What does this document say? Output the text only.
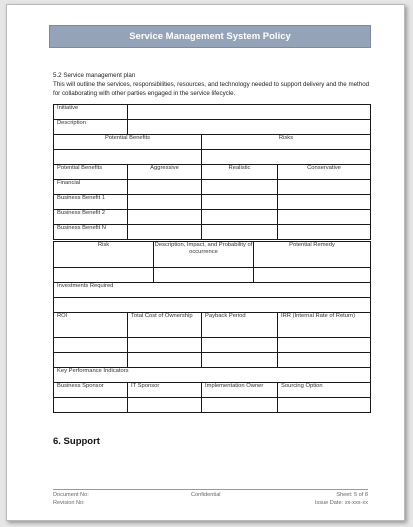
Service Management System Policy

5.2 Service management plan

This will outline the services, responsibilities, resources, and technology needed to support delivery and the method for collaborating with other parties engaged in the service lifecycle.

Initiative			
Description			
Potential Benefits		Risks	

Potential Benefits	Aggressive	Realistic	Conservative
Financial			
Business Benefit 1			
Business Benefit 2			
Business Benefit N			
Risk	Description, Impact, and Probability of occurrence	Potential Remedy

Investments Required			

ROI	Total Cost of Ownership	Payback Period	IRR (Internal Rate of Return)

Key Performance Indicators			
Business Sponsor	IT Sponsor	Implementation Owner	Sourcing Option

6. Support
Document No:	Confidential	Sheet: 5 of 8
Revision No:	Issue Date: xx-xxx-xx
